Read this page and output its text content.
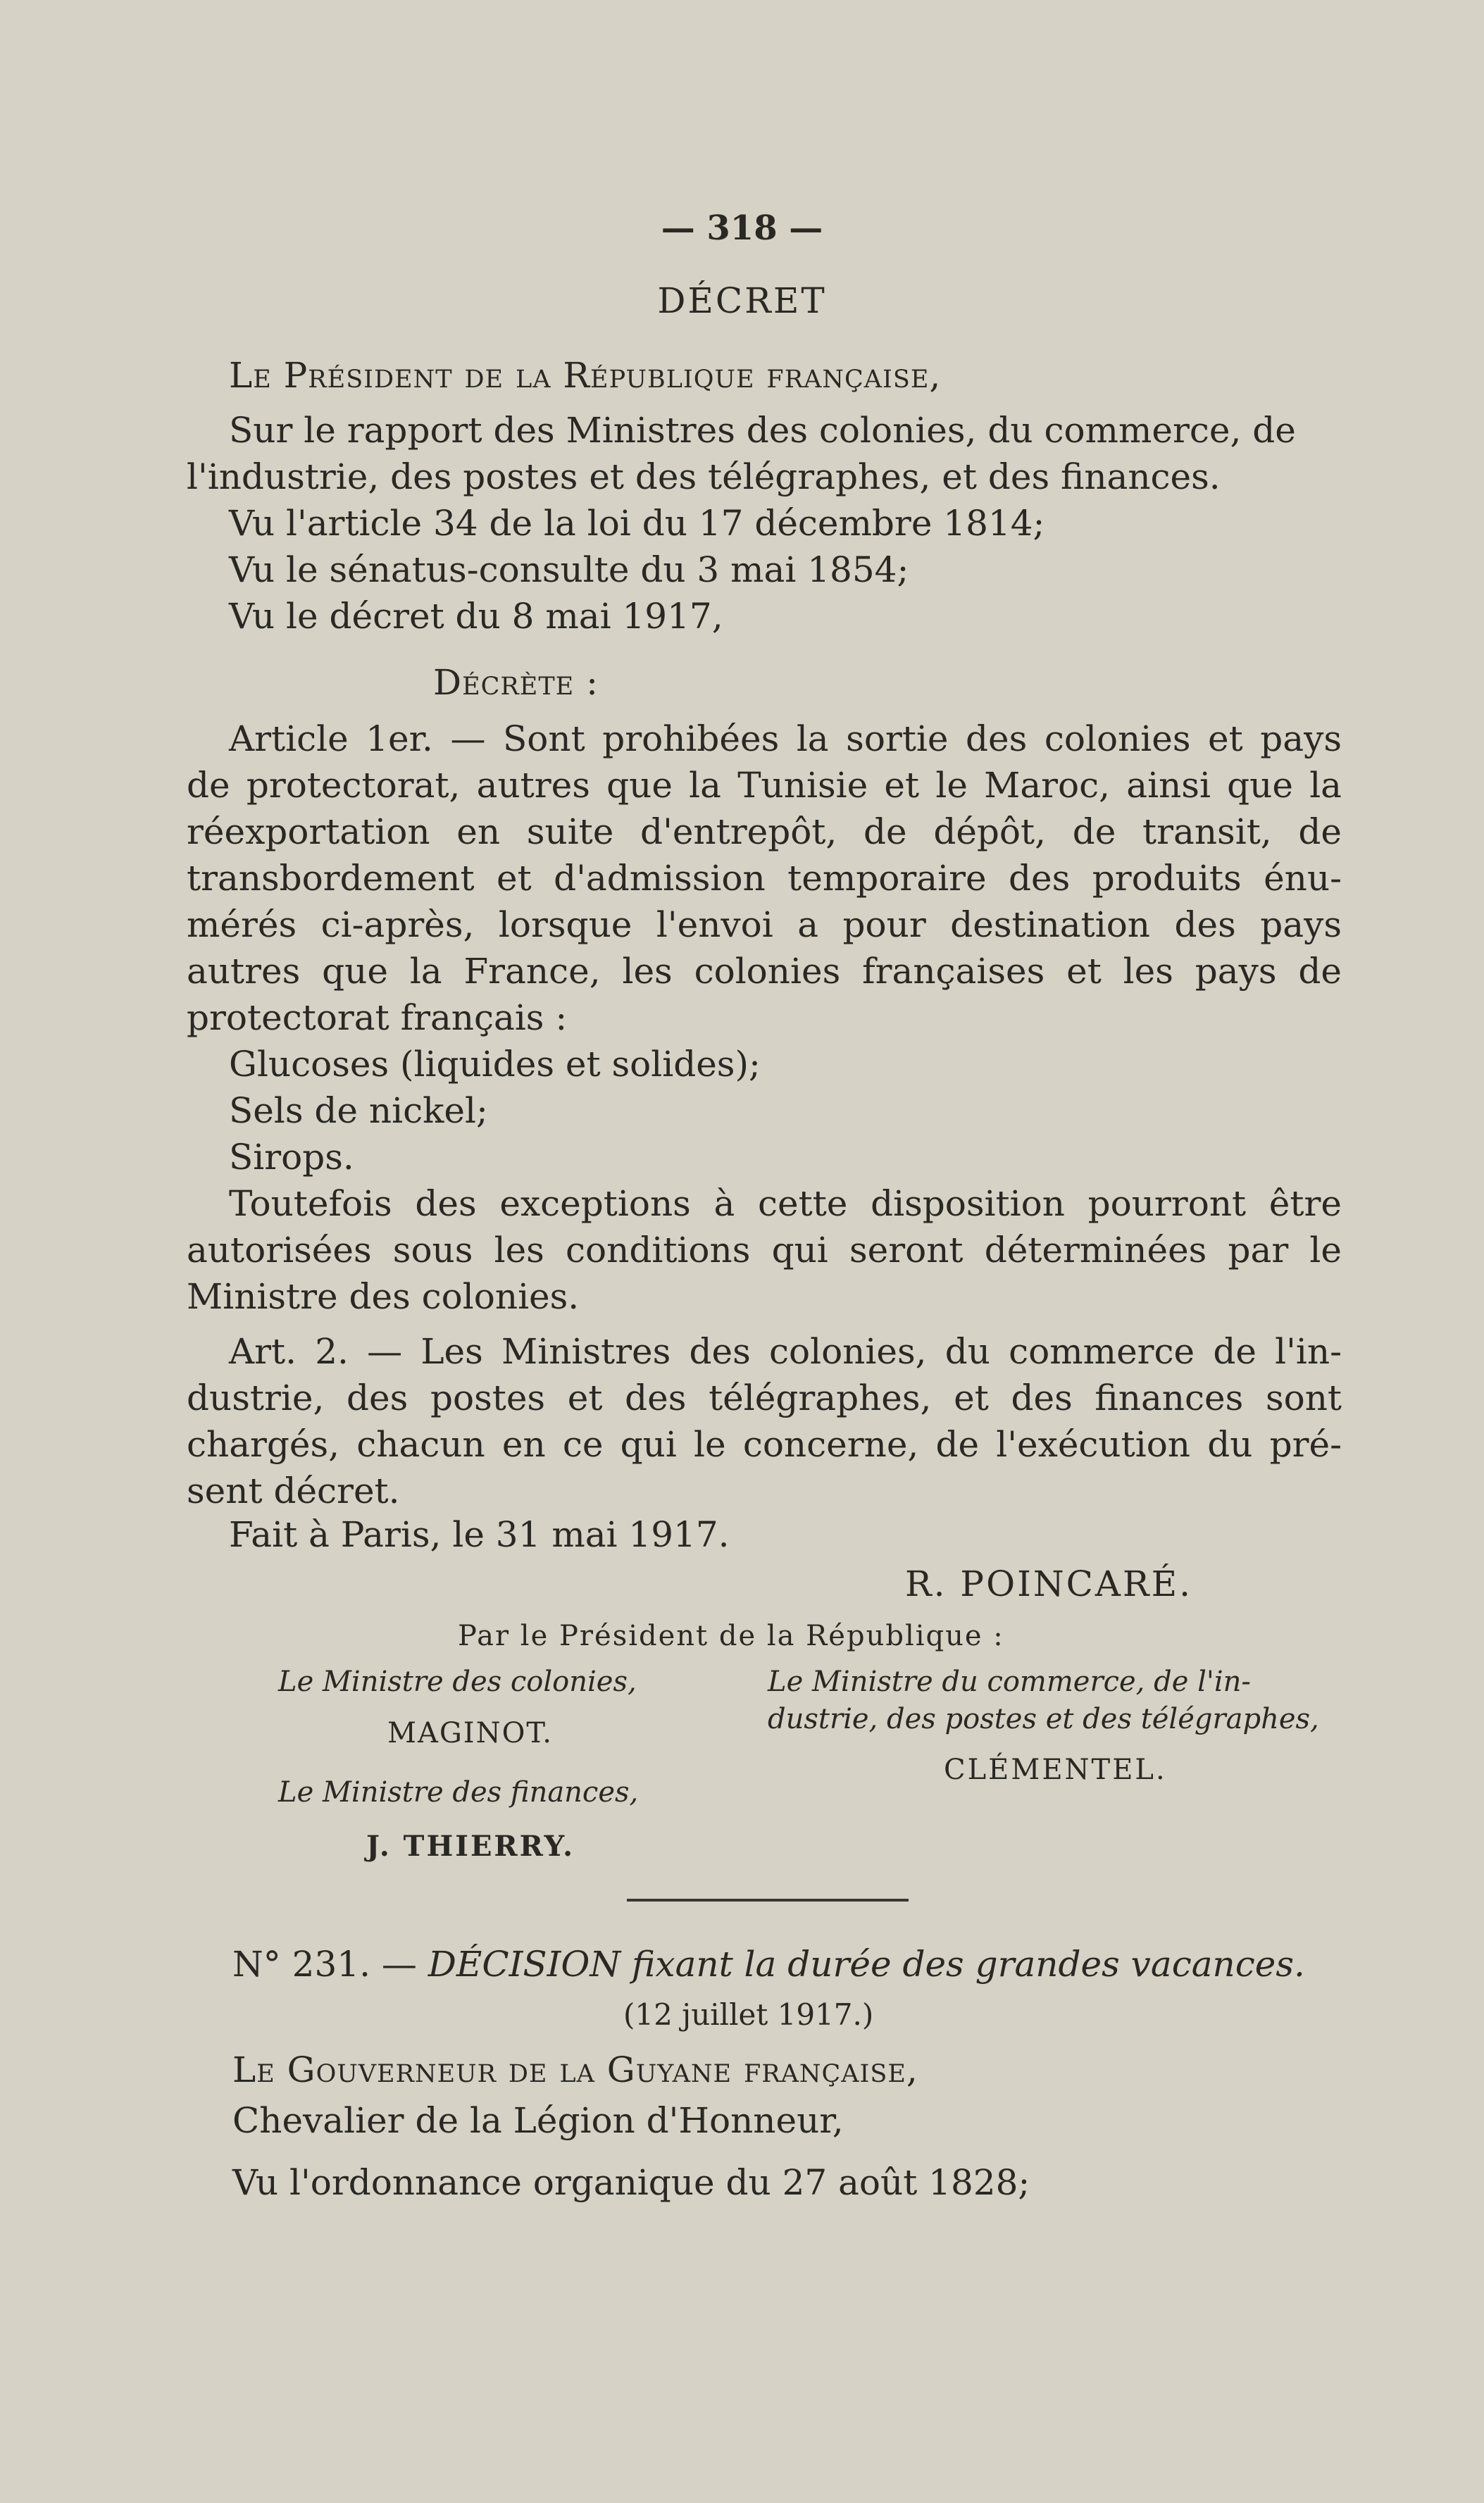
— 318 —
DÉCRET
Le Président de la République française,
Sur le rapport des Ministres des colonies, du commerce, de
l'industrie, des postes et des télégraphes, et des finances.
Vu l'article 34 de la loi du 17 décembre 1814;
Vu le sénatus-consulte du 3 mai 1854;
Vu le décret du 8 mai 1917,
Décrète :
Article 1er. — Sont prohibées la sortie des colonies et pays
de protectorat, autres que la Tunisie et le Maroc, ainsi que la
réexportation en suite d'entrepôt, de dépôt, de transit, de
transbordement et d'admission temporaire des produits énu-
mérés ci-après, lorsque l'envoi a pour destination des pays
autres que la France, les colonies françaises et les pays de
protectorat français :
Glucoses (liquides et solides);
Sels de nickel;
Sirops.
Toutefois des exceptions à cette disposition pourront être
autorisées sous les conditions qui seront déterminées par le
Ministre des colonies.
Art. 2. — Les Ministres des colonies, du commerce de l'in-
dustrie, des postes et des télégraphes, et des finances sont
chargés, chacun en ce qui le concerne, de l'exécution du pré-
sent décret.
Fait à Paris, le 31 mai 1917.
R. POINCARÉ.
Par le Président de la République :
Le Ministre des colonies,
MAGINOT.
Le Ministre du commerce, de l'in-
dustrie, des postes et des télégraphes,
CLÉMENTEL.
Le Ministre des finances,
J. THIERRY.
N° 231. — DÉCISION fixant la durée des grandes vacances.
(12 juillet 1917.)
Le Gouverneur de la Guyane française,
Chevalier de la Légion d'Honneur,
Vu l'ordonnance organique du 27 août 1828;
